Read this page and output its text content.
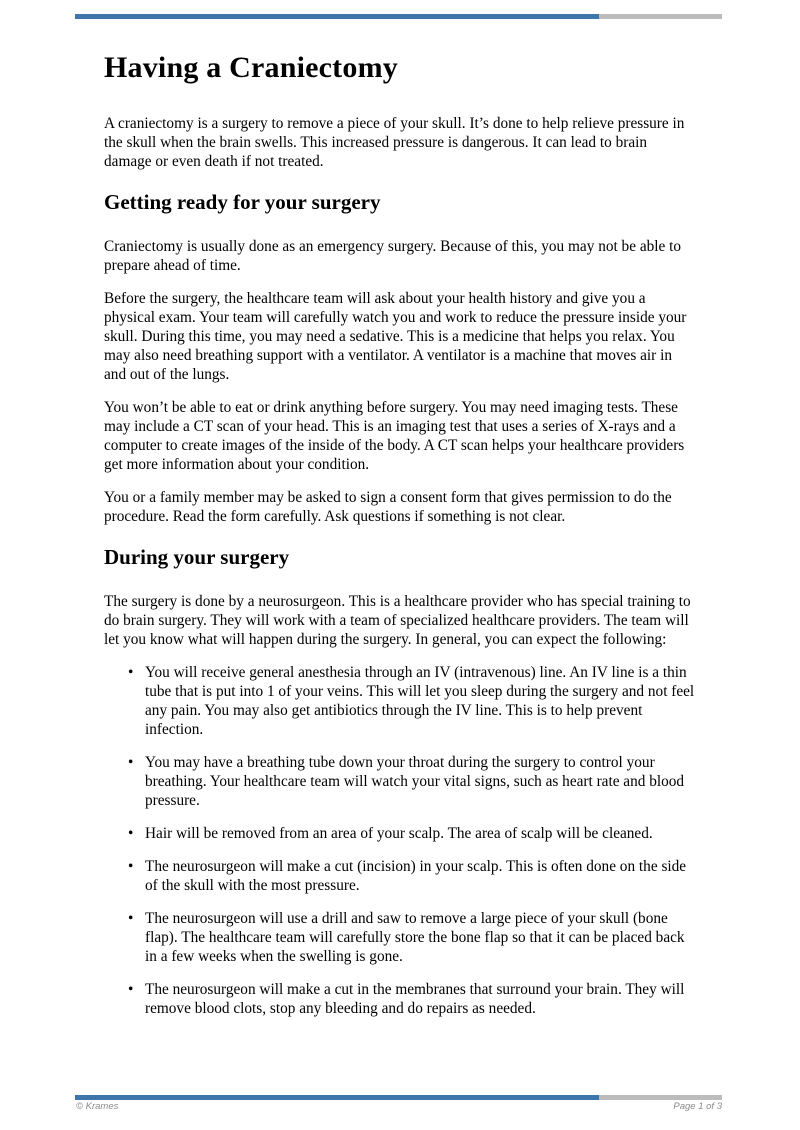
Having a Craniectomy

A craniectomy is a surgery to remove a piece of your skull. It’s done to help relieve pressure in the skull when the brain swells. This increased pressure is dangerous. It can lead to brain damage or even death if not treated.

Getting ready for your surgery

Craniectomy is usually done as an emergency surgery. Because of this, you may not be able to prepare ahead of time.

Before the surgery, the healthcare team will ask about your health history and give you a physical exam. Your team will carefully watch you and work to reduce the pressure inside your skull. During this time, you may need a sedative. This is a medicine that helps you relax. You may also need breathing support with a ventilator. A ventilator is a machine that moves air in and out of the lungs.

You won’t be able to eat or drink anything before surgery. You may need imaging tests. These may include a CT scan of your head. This is an imaging test that uses a series of X-rays and a computer to create images of the inside of the body. A CT scan helps your healthcare providers get more information about your condition.

You or a family member may be asked to sign a consent form that gives permission to do the procedure. Read the form carefully. Ask questions if something is not clear.

During your surgery

The surgery is done by a neurosurgeon. This is a healthcare provider who has special training to do brain surgery. They will work with a team of specialized healthcare providers. The team will let you know what will happen during the surgery. In general, you can expect the following:

• You will receive general anesthesia through an IV (intravenous) line. An IV line is a thin tube that is put into 1 of your veins. This will let you sleep during the surgery and not feel any pain. You may also get antibiotics through the IV line. This is to help prevent infection.
• You may have a breathing tube down your throat during the surgery to control your breathing. Your healthcare team will watch your vital signs, such as heart rate and blood pressure.
• Hair will be removed from an area of your scalp. The area of scalp will be cleaned.
• The neurosurgeon will make a cut (incision) in your scalp. This is often done on the side of the skull with the most pressure.
• The neurosurgeon will use a drill and saw to remove a large piece of your skull (bone flap). The healthcare team will carefully store the bone flap so that it can be placed back in a few weeks when the swelling is gone.
• The neurosurgeon will make a cut in the membranes that surround your brain. They will remove blood clots, stop any bleeding and do repairs as needed.
© Krames	Page 1 of 3
